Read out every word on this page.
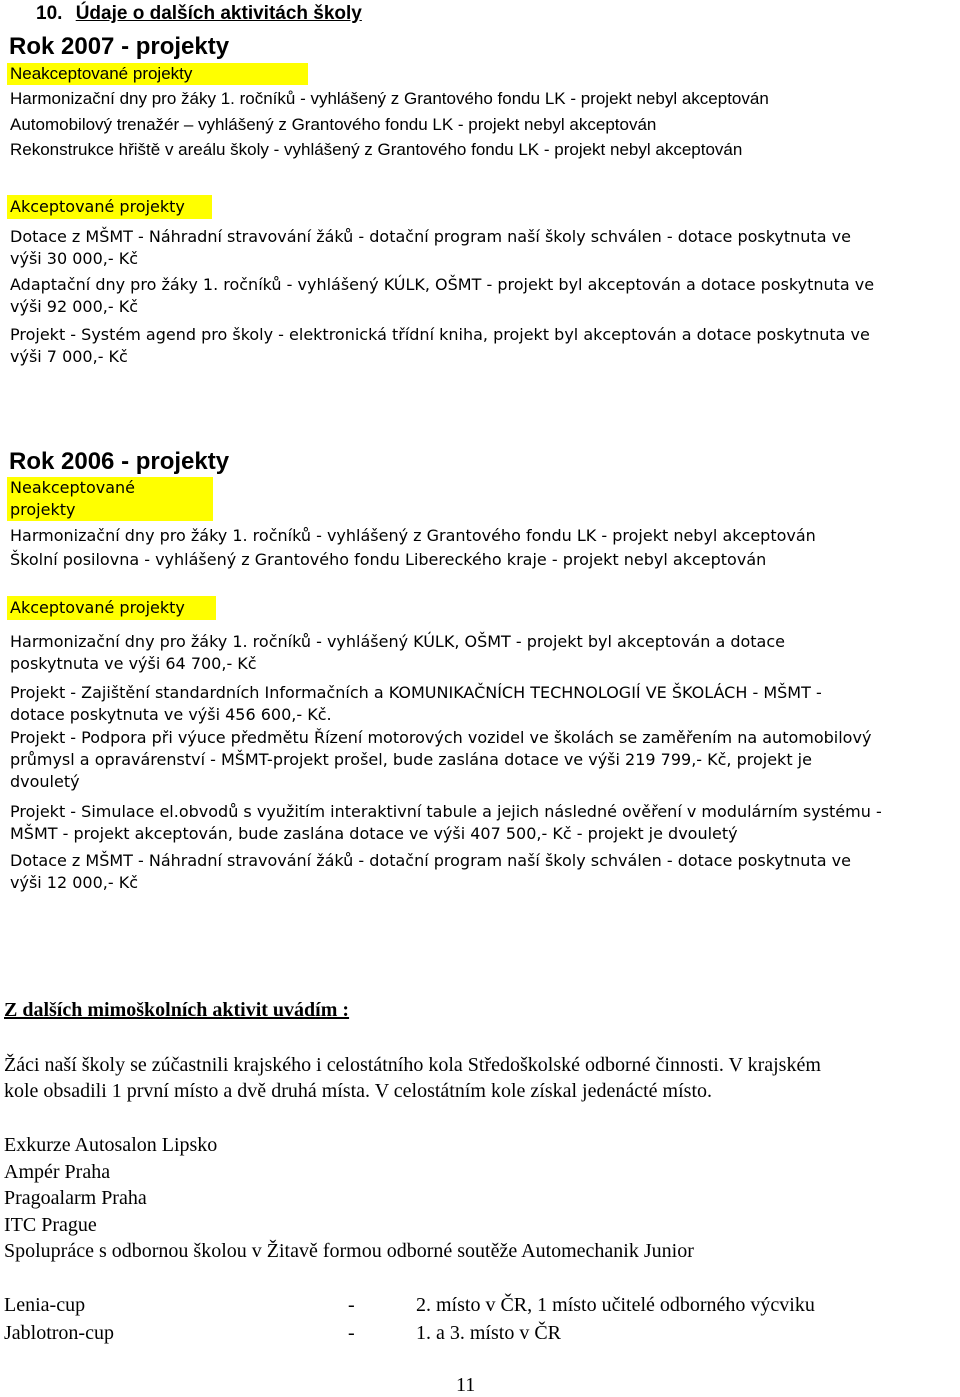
10. Údaje o dalších aktivitách školy
Rok 2007 - projekty
Neakceptované projekty
Harmonizační dny pro žáky 1. ročníků - vyhlášený z Grantového fondu LK - projekt nebyl akceptován
Automobilový trenažér – vyhlášený z Grantového fondu LK - projekt nebyl akceptován
Rekonstrukce hřiště v areálu školy - vyhlášený z Grantového fondu LK - projekt nebyl akceptován
Akceptované projekty
Dotace z MŠMT - Náhradní stravování žáků - dotační program naší školy schválen - dotace poskytnuta ve
výši 30 000,- Kč
Adaptační dny pro žáky 1. ročníků - vyhlášený KÚLK, OŠMT - projekt byl akceptován a dotace poskytnuta ve
výši 92 000,- Kč
Projekt - Systém agend pro školy - elektronická třídní kniha, projekt byl akceptován a dotace poskytnuta ve
výši 7 000,- Kč
Rok 2006 - projekty
Neakceptované
projekty
Harmonizační dny pro žáky 1. ročníků - vyhlášený z Grantového fondu LK - projekt nebyl akceptován
Školní posilovna - vyhlášený z Grantového fondu Libereckého kraje - projekt nebyl akceptován
Akceptované projekty
Harmonizační dny pro žáky 1. ročníků - vyhlášený KÚLK, OŠMT - projekt byl akceptován a dotace
poskytnuta ve výši 64 700,- Kč
Projekt - Zajištění standardních Informačních a KOMUNIKAČNÍCH TECHNOLOGIÍ VE ŠKOLÁCH - MŠMT -
dotace poskytnuta ve výši 456 600,- Kč.
Projekt - Podpora při výuce předmětu Řízení motorových vozidel ve školách se zaměřením na automobilový
průmysl a opravárenství - MŠMT-projekt prošel, bude zaslána dotace ve výši 219 799,- Kč, projekt je
dvouletý
Projekt - Simulace el.obvodů s využitím interaktivní tabule a jejich následné ověření v modulárním systému -
MŠMT - projekt akceptován, bude zaslána dotace ve výši 407 500,- Kč - projekt je dvouletý
Dotace z MŠMT - Náhradní stravování žáků - dotační program naší školy schválen - dotace poskytnuta ve
výši 12 000,- Kč
Z dalších mimoškolních aktivit uvádím :
Žáci naší školy se zúčastnili krajského i celostátního kola Středoškolské odborné činnosti. V krajském
kole obsadili 1 první místo a dvě druhá místa. V celostátním kole získal jedenácté místo.
Exkurze Autosalon Lipsko
Ampér Praha
Pragoalarm Praha
ITC Prague
Spolupráce s odbornou školou v Žitavě formou odborné soutěže Automechanik Junior
Lenia-cup	-	2. místo v ČR, 1 místo učitelé odborného výcviku
Jablotron-cup	-	1. a 3. místo v ČR
11
